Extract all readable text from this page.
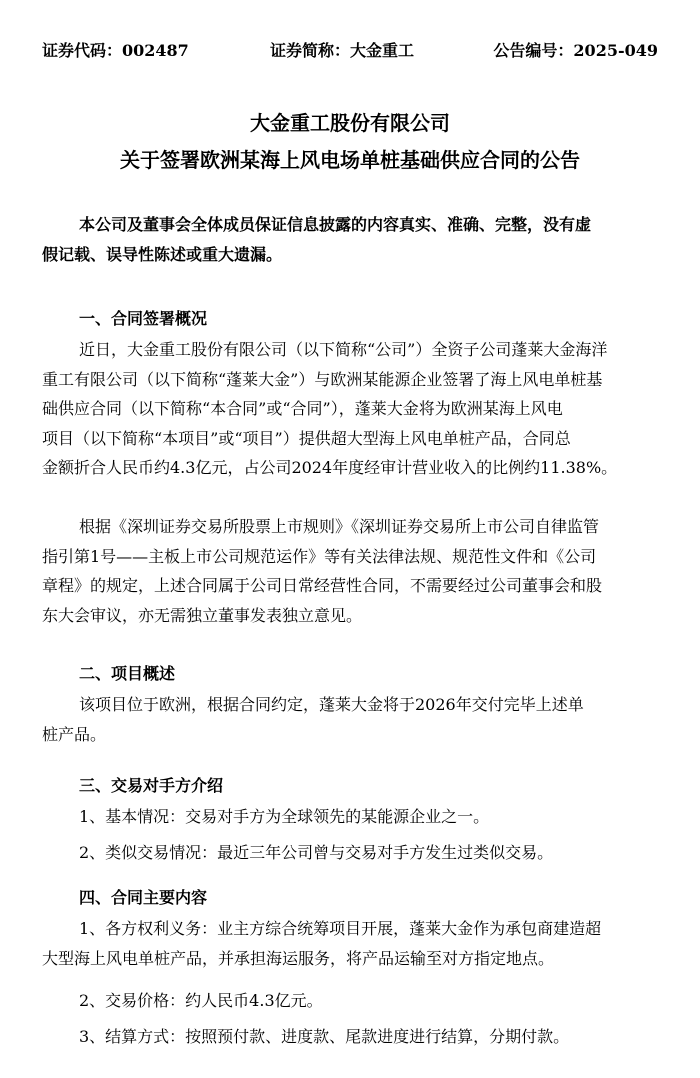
证券代码：002487	证券简称：大金重工	公告编号：2025-049
大金重工股份有限公司
关于签署欧洲某海上风电场单桩基础供应合同的公告
本公司及董事会全体成员保证信息披露的内容真实、准确、完整，没有虚
假记载、误导性陈述或重大遗漏。
一、合同签署概况
近日，大金重工股份有限公司（以下简称“公司”）全资子公司蓬莱大金海洋
重工有限公司（以下简称“蓬莱大金”）与欧洲某能源企业签署了海上风电单桩基
础供应合同（以下简称“本合同”或“合同”），蓬莱大金将为欧洲某海上风电
项目（以下简称“本项目”或“项目”）提供超大型海上风电单桩产品，合同总
金额折合人民币约4.3亿元，占公司2024年度经审计营业收入的比例约11.38%。
根据《深圳证券交易所股票上市规则》《深圳证券交易所上市公司自律监管
指引第1号——主板上市公司规范运作》等有关法律法规、规范性文件和《公司
章程》的规定，上述合同属于公司日常经营性合同，不需要经过公司董事会和股
东大会审议，亦无需独立董事发表独立意见。
二、项目概述
该项目位于欧洲，根据合同约定，蓬莱大金将于2026年交付完毕上述单
桩产品。
三、交易对手方介绍
1、基本情况：交易对手方为全球领先的某能源企业之一。
2、类似交易情况：最近三年公司曾与交易对手方发生过类似交易。
四、合同主要内容
1、各方权利义务：业主方综合统筹项目开展，蓬莱大金作为承包商建造超
大型海上风电单桩产品，并承担海运服务，将产品运输至对方指定地点。
2、交易价格：约人民币4.3亿元。
3、结算方式：按照预付款、进度款、尾款进度进行结算，分期付款。
